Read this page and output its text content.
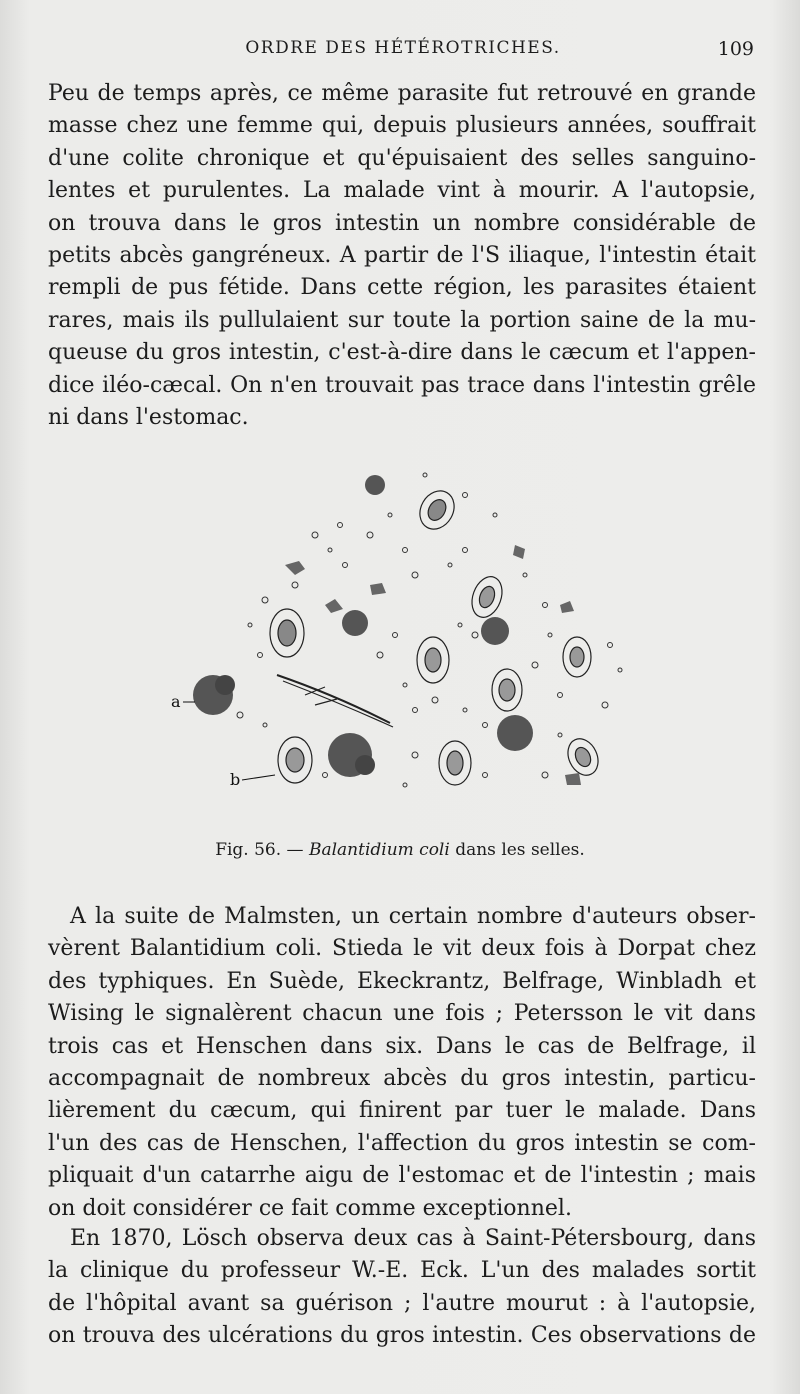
ORDRE DES HÉTÉROTRICHES.	109
Peu de temps après, ce même parasite fut retrouvé en grande
masse chez une femme qui, depuis plusieurs années, souffrait
d'une colite chronique et qu'épuisaient des selles sanguino-
lentes et purulentes. La malade vint à mourir. A l'autopsie,
on trouva dans le gros intestin un nombre considérable de
petits abcès gangréneux. A partir de l'S iliaque, l'intestin était
rempli de pus fétide. Dans cette région, les parasites étaient
rares, mais ils pullulaient sur toute la portion saine de la mu-
queuse du gros intestin, c'est-à-dire dans le cæcum et l'appen-
dice iléo-cæcal. On n'en trouvait pas trace dans l'intestin grêle
ni dans l'estomac.
a
b
Fig. 56. — Balantidium coli dans les selles.
A la suite de Malmsten, un certain nombre d'auteurs obser-
vèrent Balantidium coli. Stieda le vit deux fois à Dorpat chez
des typhiques. En Suède, Ekeckrantz, Belfrage, Winbladh et
Wising le signalèrent chacun une fois ; Petersson le vit dans
trois cas et Henschen dans six. Dans le cas de Belfrage, il
accompagnait de nombreux abcès du gros intestin, particu-
lièrement du cæcum, qui finirent par tuer le malade. Dans
l'un des cas de Henschen, l'affection du gros intestin se com-
pliquait d'un catarrhe aigu de l'estomac et de l'intestin ; mais
on doit considérer ce fait comme exceptionnel.
En 1870, Lösch observa deux cas à Saint-Pétersbourg, dans
la clinique du professeur W.-E. Eck. L'un des malades sortit
de l'hôpital avant sa guérison ; l'autre mourut : à l'autopsie,
on trouva des ulcérations du gros intestin. Ces observations de
